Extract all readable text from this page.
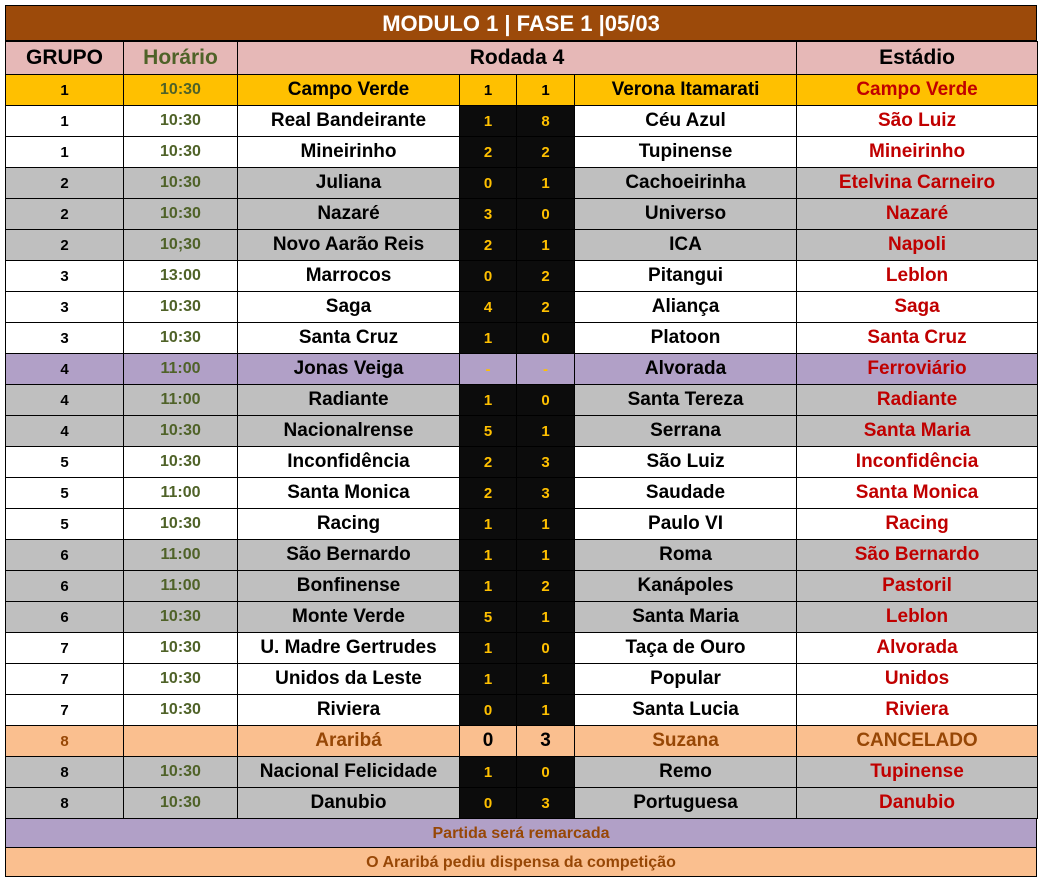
MODULO 1 | FASE 1 |05/03
GRUPO	Horário	Rodada 4				Estádio
1	10:30	Campo Verde	1	1	Verona Itamarati	Campo Verde
1	10:30	Real Bandeirante	1	8	Céu Azul	São Luiz
1	10:30	Mineirinho	2	2	Tupinense	Mineirinho
2	10:30	Juliana	0	1	Cachoeirinha	Etelvina Carneiro
2	10:30	Nazaré	3	0	Universo	Nazaré
2	10;30	Novo Aarão Reis	2	1	ICA	Napoli
3	13:00	Marrocos	0	2	Pitangui	Leblon
3	10:30	Saga	4	2	Aliança	Saga
3	10:30	Santa Cruz	1	0	Platoon	Santa Cruz
4	11:00	Jonas Veiga	-	-	Alvorada	Ferroviário
4	11:00	Radiante	1	0	Santa Tereza	Radiante
4	10:30	Nacionalrense	5	1	Serrana	Santa Maria
5	10:30	Inconfidência	2	3	São Luiz	Inconfidência
5	11:00	Santa Monica	2	3	Saudade	Santa Monica
5	10:30	Racing	1	1	Paulo VI	Racing
6	11:00	São Bernardo	1	1	Roma	São Bernardo
6	11:00	Bonfinense	1	2	Kanápoles	Pastoril
6	10:30	Monte Verde	5	1	Santa Maria	Leblon
7	10:30	U. Madre Gertrudes	1	0	Taça de Ouro	Alvorada
7	10:30	Unidos da Leste	1	1	Popular	Unidos
7	10:30	Riviera	0	1	Santa Lucia	Riviera
8		Araribá	0	3	Suzana	CANCELADO
8	10:30	Nacional Felicidade	1	0	Remo	Tupinense
8	10:30	Danubio	0	3	Portuguesa	Danubio
Partida será remarcada
O Araribá pediu dispensa da competição
